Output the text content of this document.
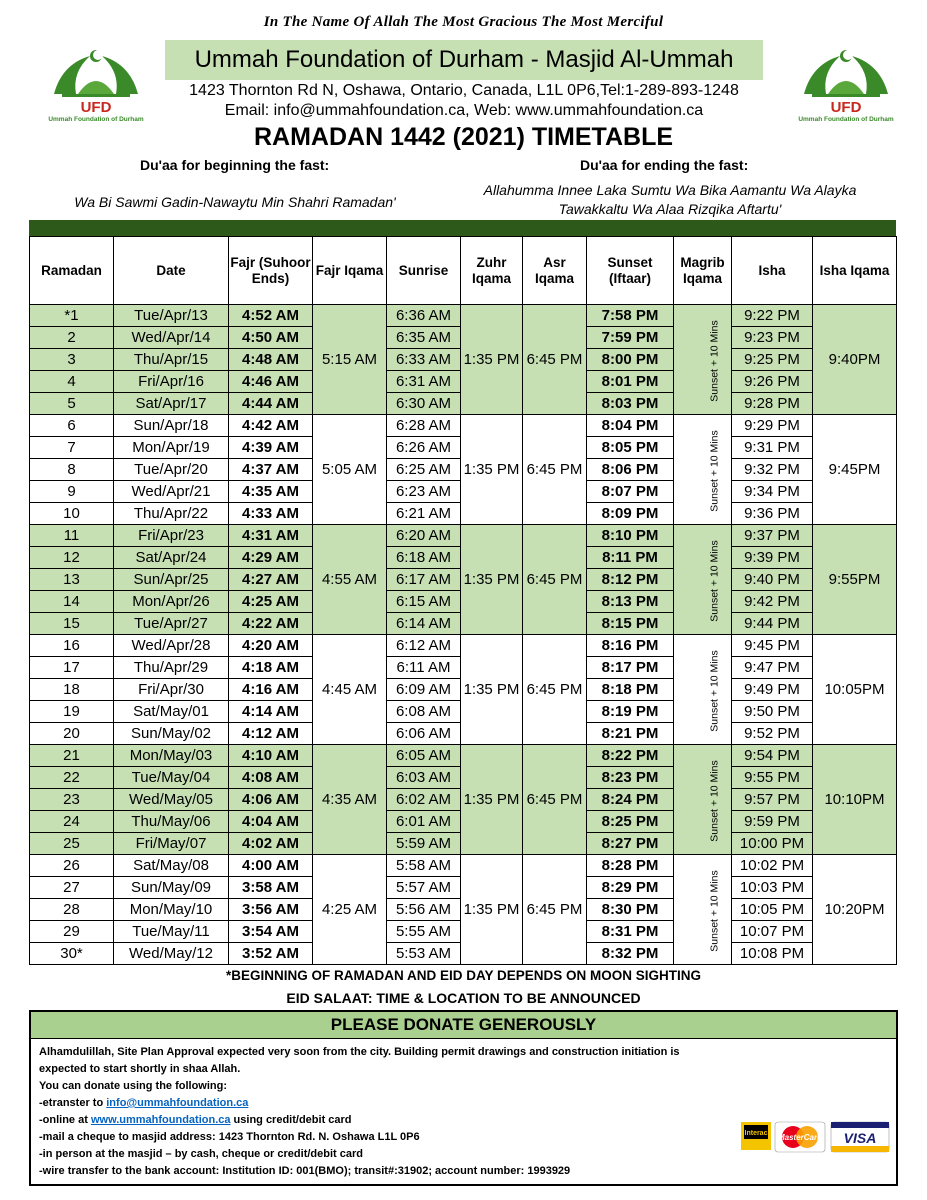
In The Name Of Allah The Most Gracious The Most Merciful
UFD
Ummah Foundation of Durham
UFD
Ummah Foundation of Durham
Ummah Foundation of Durham - Masjid Al-Ummah
1423 Thornton Rd N, Oshawa, Ontario, Canada, L1L 0P6,Tel:1-289-893-1248
Email: info@ummahfoundation.ca, Web: www.ummahfoundation.ca
RAMADAN 1442 (2021) TIMETABLE
Du'aa for beginning the fast:	Du'aa for ending the fast:
Wa Bi Sawmi Gadin-Nawaytu Min Shahri Ramadan'
Allahumma Innee Laka Sumtu Wa Bika Aamantu Wa Alayka Tawakkaltu Wa Alaa Rizqika Aftartu'
Ramadan	Date	Fajr (Suhoor Ends)	Fajr Iqama	Sunrise	Zuhr Iqama	Asr Iqama	Sunset (Iftaar)	Magrib Iqama	Isha	Isha Iqama
*1	Tue/Apr/13	4:52 AM	5:15 AM	6:36 AM	1:35 PM	6:45 PM	7:58 PM	Sunset + 10 Mins	9:22 PM	9:40PM
2	Wed/Apr/14	4:50 AM		6:35 AM			7:59 PM		9:23 PM	
3	Thu/Apr/15	4:48 AM		6:33 AM			8:00 PM		9:25 PM	
4	Fri/Apr/16	4:46 AM		6:31 AM			8:01 PM		9:26 PM	
5	Sat/Apr/17	4:44 AM		6:30 AM			8:03 PM		9:28 PM	
6	Sun/Apr/18	4:42 AM	5:05 AM	6:28 AM	1:35 PM	6:45 PM	8:04 PM	Sunset + 10 Mins	9:29 PM	9:45PM
7	Mon/Apr/19	4:39 AM		6:26 AM			8:05 PM		9:31 PM	
8	Tue/Apr/20	4:37 AM		6:25 AM			8:06 PM		9:32 PM	
9	Wed/Apr/21	4:35 AM		6:23 AM			8:07 PM		9:34 PM	
10	Thu/Apr/22	4:33 AM		6:21 AM			8:09 PM		9:36 PM	
11	Fri/Apr/23	4:31 AM	4:55 AM	6:20 AM	1:35 PM	6:45 PM	8:10 PM	Sunset + 10 Mins	9:37 PM	9:55PM
12	Sat/Apr/24	4:29 AM		6:18 AM			8:11 PM		9:39 PM	
13	Sun/Apr/25	4:27 AM		6:17 AM			8:12 PM		9:40 PM	
14	Mon/Apr/26	4:25 AM		6:15 AM			8:13 PM		9:42 PM	
15	Tue/Apr/27	4:22 AM		6:14 AM			8:15 PM		9:44 PM	
16	Wed/Apr/28	4:20 AM	4:45 AM	6:12 AM	1:35 PM	6:45 PM	8:16 PM	Sunset + 10 Mins	9:45 PM	10:05PM
17	Thu/Apr/29	4:18 AM		6:11 AM			8:17 PM		9:47 PM	
18	Fri/Apr/30	4:16 AM		6:09 AM			8:18 PM		9:49 PM	
19	Sat/May/01	4:14 AM		6:08 AM			8:19 PM		9:50 PM	
20	Sun/May/02	4:12 AM		6:06 AM			8:21 PM		9:52 PM	
21	Mon/May/03	4:10 AM	4:35 AM	6:05 AM	1:35 PM	6:45 PM	8:22 PM	Sunset + 10 Mins	9:54 PM	10:10PM
22	Tue/May/04	4:08 AM		6:03 AM			8:23 PM		9:55 PM	
23	Wed/May/05	4:06 AM		6:02 AM			8:24 PM		9:57 PM	
24	Thu/May/06	4:04 AM		6:01 AM			8:25 PM		9:59 PM	
25	Fri/May/07	4:02 AM		5:59 AM			8:27 PM		10:00 PM	
26	Sat/May/08	4:00 AM	4:25 AM	5:58 AM	1:35 PM	6:45 PM	8:28 PM	Sunset + 10 Mins	10:02 PM	10:20PM
27	Sun/May/09	3:58 AM		5:57 AM			8:29 PM		10:03 PM	
28	Mon/May/10	3:56 AM		5:56 AM			8:30 PM		10:05 PM	
29	Tue/May/11	3:54 AM		5:55 AM			8:31 PM		10:07 PM	
30*	Wed/May/12	3:52 AM		5:53 AM			8:32 PM		10:08 PM	
*BEGINNING OF RAMADAN AND EID DAY DEPENDS ON MOON SIGHTING
EID SALAAT: TIME & LOCATION TO BE ANNOUNCED
PLEASE DONATE GENEROUSLY
Alhamdulillah, Site Plan Approval expected very soon from the city. Building permit drawings and construction initiation is
expected to start shortly in shaa Allah.
You can donate using the following:
-etranster to info@ummahfoundation.ca
-online at www.ummahfoundation.ca using credit/debit card
-mail a cheque to masjid address: 1423 Thornton Rd. N. Oshawa L1L 0P6
-in person at the masjid – by cash, cheque or credit/debit card
-wire transfer to the bank account: Institution ID: 001(BMO); transit#:31902; account number: 1993929
Interac MasterCard VISA
